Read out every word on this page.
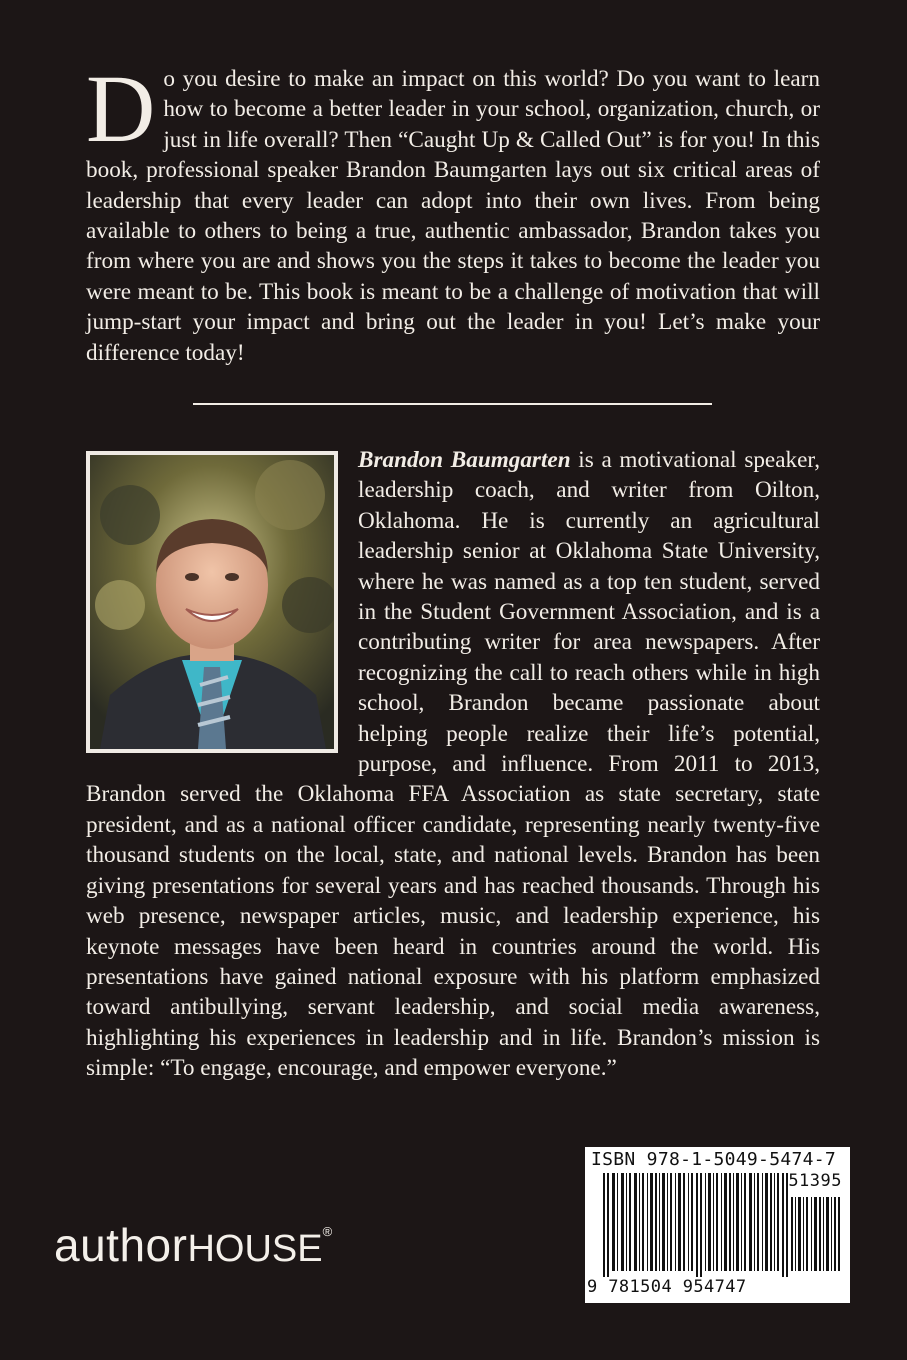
Do you desire to make an impact on this world? Do you want to learn how to become a better leader in your school, organization, church, or just in life overall? Then “Caught Up & Called Out” is for you! In this book, professional speaker Brandon Baumgarten lays out six critical areas of leadership that every leader can adopt into their own lives. From being available to others to being a true, authentic ambassador, Brandon takes you from where you are and shows you the steps it takes to become the leader you were meant to be. This book is meant to be a challenge of motivation that will jump-start your impact and bring out the leader in you! Let’s make your difference today!
Brandon Baumgarten is a motivational speaker, leadership coach, and writer from Oilton, Oklahoma. He is currently an agricultural leadership senior at Oklahoma State University, where he was named as a top ten student, served in the Student Government Association, and is a contributing writer for area newspapers. After recognizing the call to reach others while in high school, Brandon became passionate about helping people realize their life’s potential, purpose, and influence. From 2011 to 2013, Brandon served the Oklahoma FFA Association as state secretary, state president, and as a national officer candidate, representing nearly twenty-five thousand students on the local, state, and national levels. Brandon has been giving presentations for several years and has reached thousands. Through his web presence, newspaper articles, music, and leadership experience, his keynote messages have been heard in countries around the world. His presentations have gained national exposure with his platform emphasized toward antibullying, servant leadership, and social media awareness, highlighting his experiences in leadership and in life. Brandon’s mission is simple: “To engage, encourage, and empower everyone.”
authorHOUSE®
ISBN 978-1-5049-5474-7
51395
9 781504 954747
